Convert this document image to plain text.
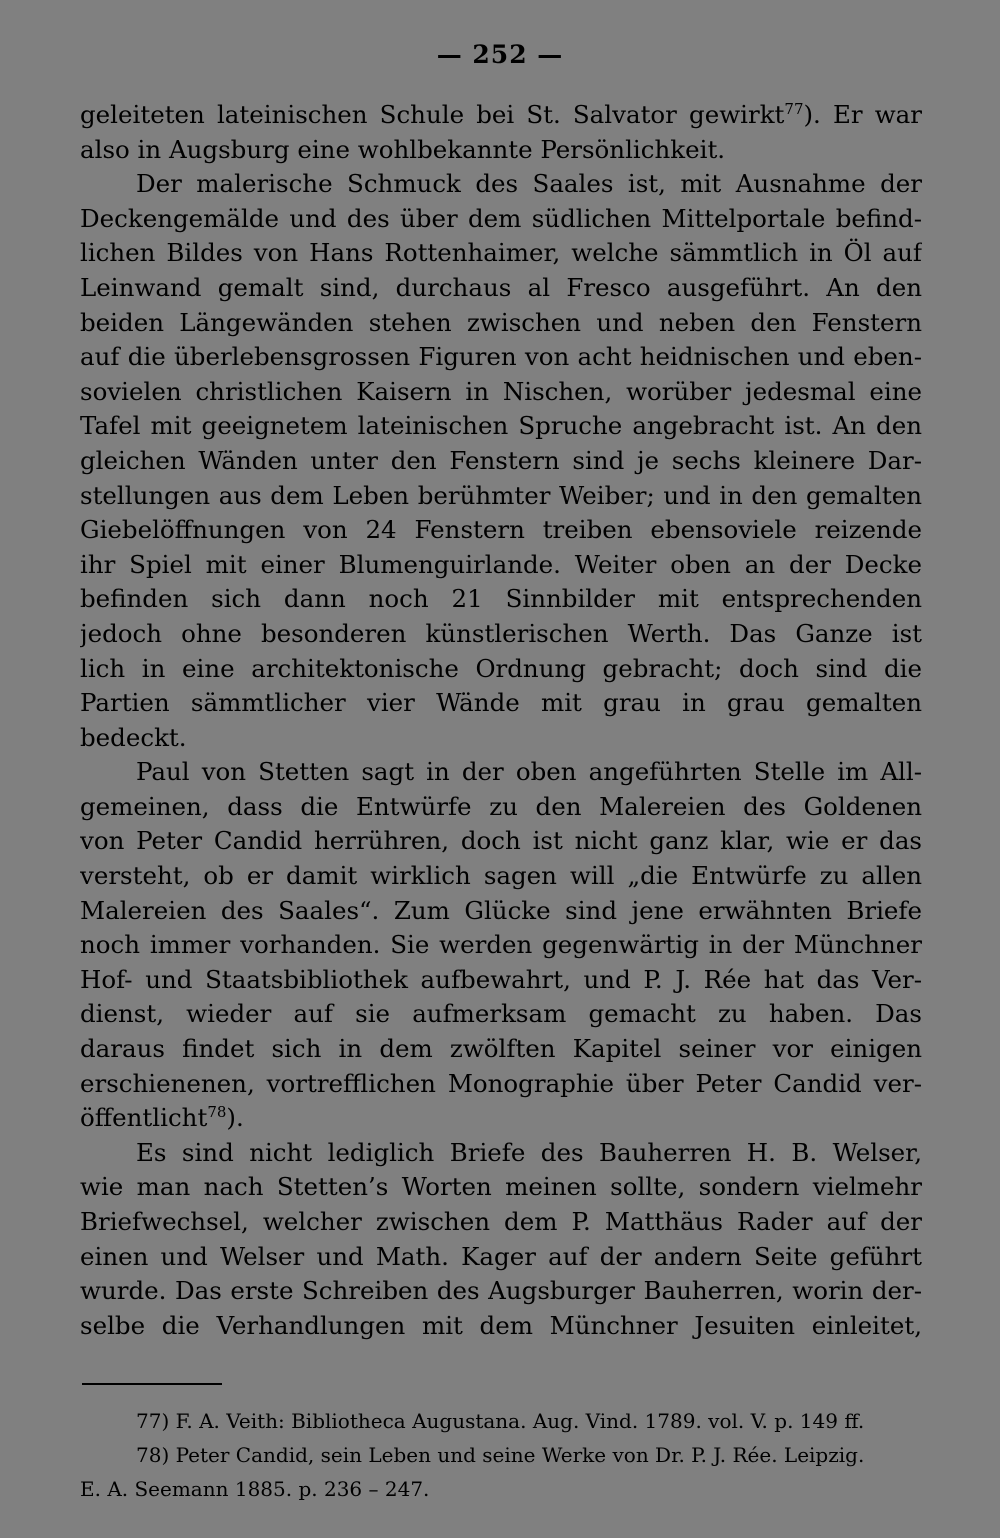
— 252 —
geleiteten lateinischen Schule bei St. Salvator gewirkt$^{77}$). Er war
also in Augsburg eine wohlbekannte Persönlichkeit.
Der malerische Schmuck des Saales ist, mit Ausnahme der
Deckengemälde und des über dem südlichen Mittelportale befind-
lichen Bildes von Hans Rottenhaimer, welche sämmtlich in Öl auf
Leinwand gemalt sind, durchaus al Fresco ausgeführt. An den
beiden Längewänden stehen zwischen und neben den Fenstern
auf die überlebensgrossen Figuren von acht heidnischen und eben-
sovielen christlichen Kaisern in Nischen, worüber jedesmal eine
Tafel mit geeignetem lateinischen Spruche angebracht ist. An den
gleichen Wänden unter den Fenstern sind je sechs kleinere Dar-
stellungen aus dem Leben berühmter Weiber; und in den gemalten
Giebelöffnungen von 24 Fenstern treiben ebensoviele reizende
ihr Spiel mit einer Blumenguirlande. Weiter oben an der Decke
befinden sich dann noch 21 Sinnbilder mit entsprechenden
jedoch ohne besonderen künstlerischen Werth. Das Ganze ist
lich in eine architektonische Ordnung gebracht; doch sind die
Partien sämmtlicher vier Wände mit grau in grau gemalten
bedeckt.
Paul von Stetten sagt in der oben angeführten Stelle im All-
gemeinen, dass die Entwürfe zu den Malereien des Goldenen
von Peter Candid herrühren, doch ist nicht ganz klar, wie er das
versteht, ob er damit wirklich sagen will „die Entwürfe zu allen
Malereien des Saales“. Zum Glücke sind jene erwähnten Briefe
noch immer vorhanden. Sie werden gegenwärtig in der Münchner
Hof- und Staatsbibliothek aufbewahrt, und P. J. Rée hat das Ver-
dienst, wieder auf sie aufmerksam gemacht zu haben. Das
daraus findet sich in dem zwölften Kapitel seiner vor einigen
erschienenen, vortrefflichen Monographie über Peter Candid ver-
öffentlicht$^{78}$).
Es sind nicht lediglich Briefe des Bauherren H. B. Welser,
wie man nach Stetten’s Worten meinen sollte, sondern vielmehr
Briefwechsel, welcher zwischen dem P. Matthäus Rader auf der
einen und Welser und Math. Kager auf der andern Seite geführt
wurde. Das erste Schreiben des Augsburger Bauherren, worin der-
selbe die Verhandlungen mit dem Münchner Jesuiten einleitet,
77) F. A. Veith: Bibliotheca Augustana. Aug. Vind. 1789. vol. V. p. 149 ff.
78) Peter Candid, sein Leben und seine Werke von Dr. P. J. Rée. Leipzig.
E. A. Seemann 1885. p. 236 – 247.
